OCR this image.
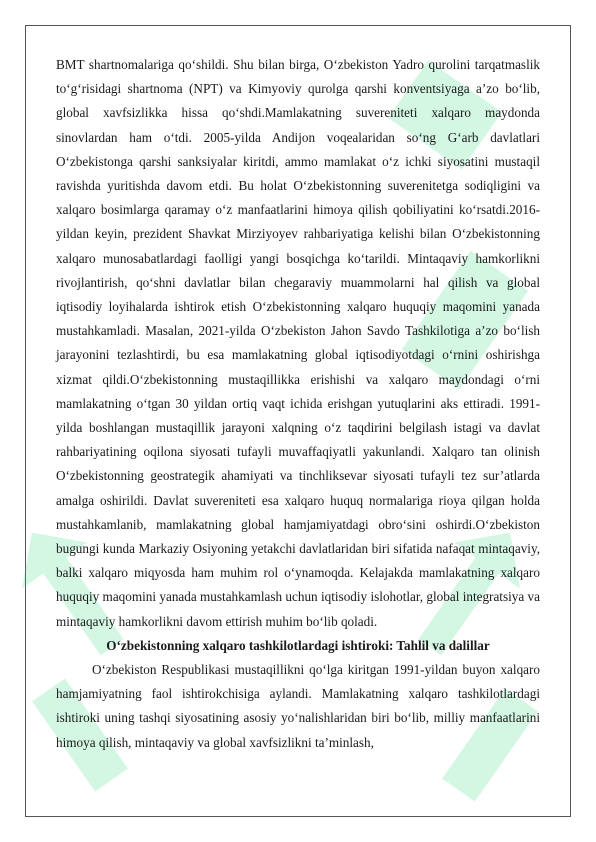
BMT shartnomalariga qo‘shildi. Shu bilan birga, O‘zbekiston Yadro qurolini tarqatmaslik to‘g‘risidagi shartnoma (NPT) va Kimyoviy qurolga qarshi konventsiyaga a’zo bo‘lib, global xavfsizlikka hissa qo‘shdi.Mamlakatning suvereniteti xalqaro maydonda sinovlardan ham o‘tdi. 2005-yilda Andijon voqealaridan so‘ng G‘arb davlatlari O‘zbekistonga qarshi sanksiyalar kiritdi, ammo mamlakat o‘z ichki siyosatini mustaqil ravishda yuritishda davom etdi. Bu holat O‘zbekistonning suverenitetga sodiqligini va xalqaro bosimlarga qaramay o‘z manfaatlarini himoya qilish qobiliyatini ko‘rsatdi.2016-yildan keyin, prezident Shavkat Mirziyoyev rahbariyatiga kelishi bilan O‘zbekistonning xalqaro munosabatlardagi faolligi yangi bosqichga ko‘tarildi. Mintaqaviy hamkorlikni rivojlantirish, qo‘shni davlatlar bilan chegaraviy muammolarni hal qilish va global iqtisodiy loyihalarda ishtirok etish O‘zbekistonning xalqaro huquqiy maqomini yanada mustahkamladi. Masalan, 2021-yilda O‘zbekiston Jahon Savdo Tashkilotiga a’zo bo‘lish jarayonini tezlashtirdi, bu esa mamlakatning global iqtisodiyotdagi o‘rnini oshirishga xizmat qildi.O‘zbekistonning mustaqillikka erishishi va xalqaro maydondagi o‘rni mamlakatning o‘tgan 30 yildan ortiq vaqt ichida erishgan yutuqlarini aks ettiradi. 1991-yilda boshlangan mustaqillik jarayoni xalqning o‘z taqdirini belgilash istagi va davlat rahbariyatining oqilona siyosati tufayli muvaffaqiyatli yakunlandi. Xalqaro tan olinish O‘zbekistonning geostrategik ahamiyati va tinchliksevar siyosati tufayli tez sur’atlarda amalga oshirildi. Davlat suvereniteti esa xalqaro huquq normalariga rioya qilgan holda mustahkamlanib, mamlakatning global hamjamiyatdagi obro‘sini oshirdi.O‘zbekiston bugungi kunda Markaziy Osiyoning yetakchi davlatlaridan biri sifatida nafaqat mintaqaviy, balki xalqaro miqyosda ham muhim rol o‘ynamoqda. Kelajakda mamlakatning xalqaro huquqiy maqomini yanada mustahkamlash uchun iqtisodiy islohotlar, global integratsiya va mintaqaviy hamkorlikni davom ettirish muhim bo‘lib qoladi.

O‘zbekistonning xalqaro tashkilotlardagi ishtiroki: Tahlil va dalillar

O‘zbekiston Respublikasi mustaqillikni qo‘lga kiritgan 1991-yildan buyon xalqaro hamjamiyatning faol ishtirokchisiga aylandi. Mamlakatning xalqaro tashkilotlardagi ishtiroki uning tashqi siyosatining asosiy yo‘nalishlaridan biri bo‘lib, milliy manfaatlarini himoya qilish, mintaqaviy va global xavfsizlikni ta’minlash,
